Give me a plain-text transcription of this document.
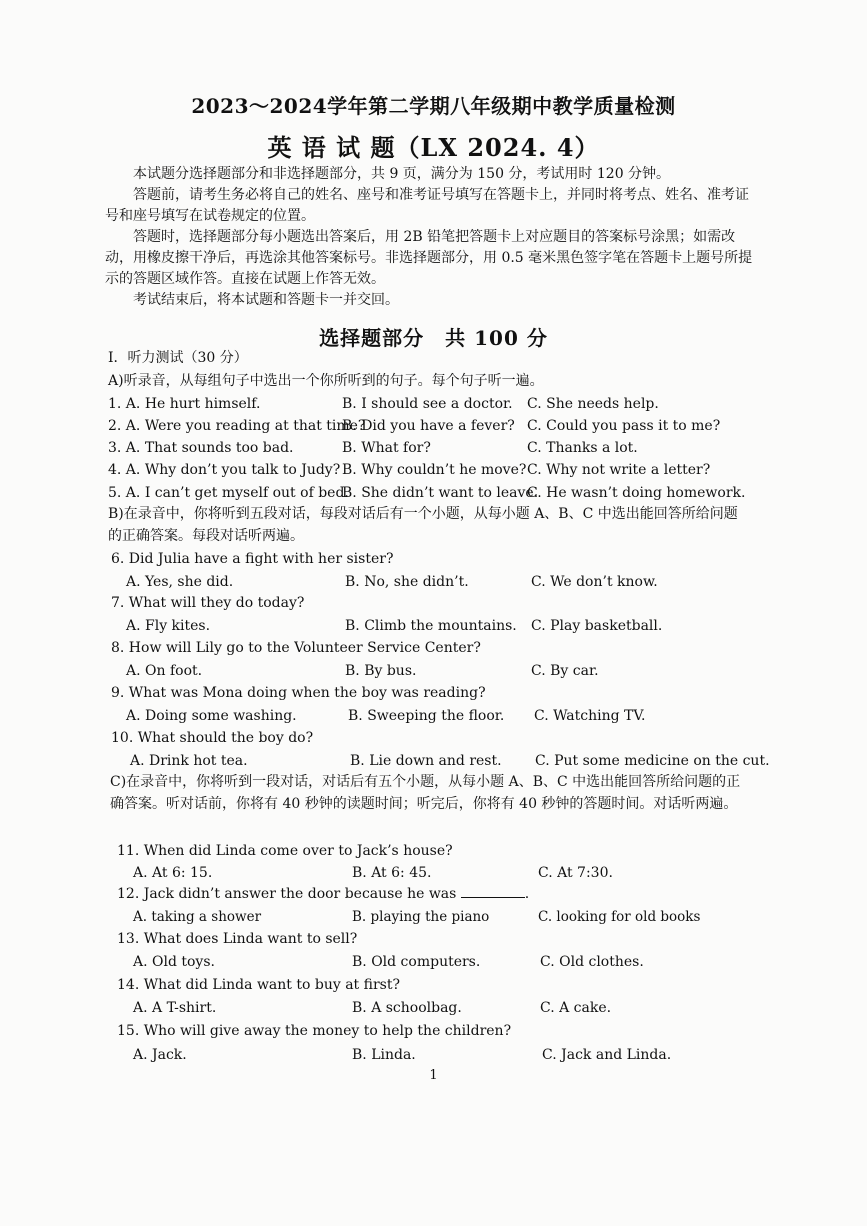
2023～2024学年第二学期八年级期中教学质量检测
英 语 试 题（LX 2024. 4）
本试题分选择题部分和非选择题部分，共 9 页，满分为 150 分，考试用时 120 分钟。
答题前，请考生务必将自己的姓名、座号和准考证号填写在答题卡上，并同时将考点、姓名、准考证号和座号填写在试卷规定的位置。
答题时，选择题部分每小题选出答案后，用 2B 铅笔把答题卡上对应题目的答案标号涂黑；如需改动，用橡皮擦干净后，再选涂其他答案标号。非选择题部分，用 0.5 毫米黑色签字笔在答题卡上题号所提示的答题区域作答。直接在试题上作答无效。
考试结束后，将本试题和答题卡一并交回。
选择题部分　共 100 分
I．听力测试（30 分）
A)听录音，从每组句子中选出一个你所听到的句子。每个句子听一遍。
1. A. He hurt himself.	B. I should see a doctor. C. She needs help.
2. A. Were you reading at that time?
B. Did you have a fever? C. Could you pass it to me?
3. A. That sounds too bad.	B. What for?	C. Thanks a lot.
4. A. Why don’t you talk to Judy? B. Why couldn’t he move? C. Why not write a letter?
5. A. I can’t get myself out of bed.
B. She didn’t want to leave.
C. He wasn’t doing homework.
B)在录音中，你将听到五段对话，每段对话后有一个小题，从每小题 A、B、C 中选出能回答所给问题的正确答案。每段对话听两遍。
6. Did Julia have a fight with her sister?
A. Yes, she did.	B. No, she didn’t.	C. We don’t know.
7. What will they do today?
A. Fly kites.	B. Climb the mountains. C. Play basketball.
8. How will Lily go to the Volunteer Service Center?
A. On foot.	B. By bus.	C. By car.
9. What was Mona doing when the boy was reading?
A. Doing some washing.	B. Sweeping the floor. C. Watching TV.
10. What should the boy do?
A. Drink hot tea.	B. Lie down and rest. C. Put some medicine on the cut.
C)在录音中，你将听到一段对话，对话后有五个小题，从每小题 A、B、C 中选出能回答所给问题的正确答案。听对话前，你将有 40 秒钟的读题时间；听完后，你将有 40 秒钟的答题时间。对话听两遍。
11. When did Linda come over to Jack’s house?
A. At 6: 15.	B. At 6: 45.	C. At 7:30.
12. Jack didn’t answer the door because he was	.
A. taking a shower	B. playing the piano	C. looking for old books
13. What does Linda want to sell?
A. Old toys.	B. Old computers.	C. Old clothes.
14. What did Linda want to buy at first?
A. A T-shirt.	B. A schoolbag.	C. A cake.
15. Who will give away the money to help the children?
A. Jack.	B. Linda.	C. Jack and Linda.
1
